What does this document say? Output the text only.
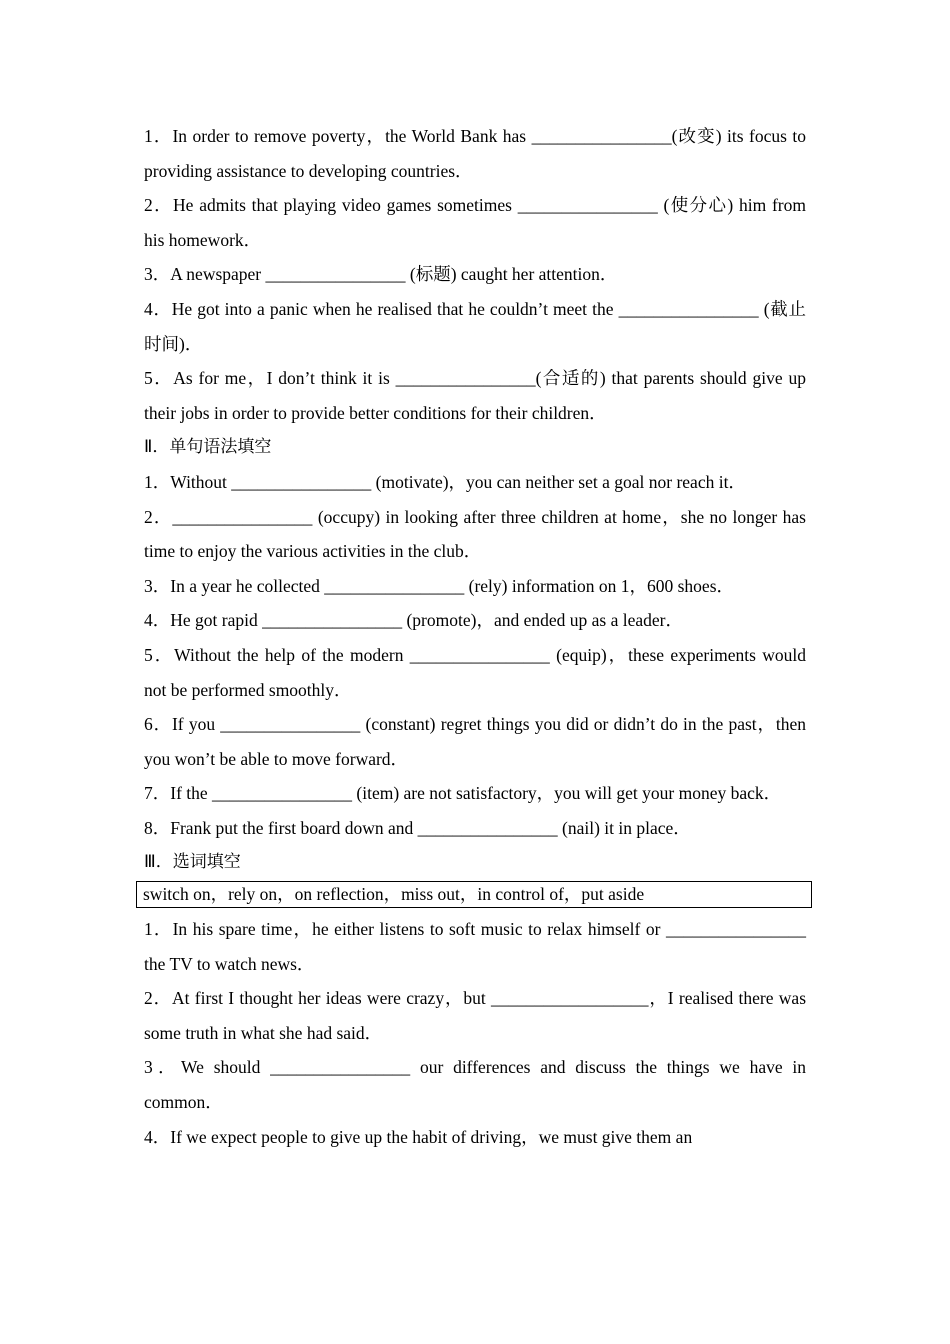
1．In order to remove poverty，the World Bank has ________________(改变) its focus to providing assistance to developing countries．

2．He admits that playing video games sometimes ________________ (使分心) him from his homework．

3．A newspaper ________________ (标题) caught her attention．

4．He got into a panic when he realised that he couldn’t meet the ________________ (截止时间)．

5．As for me，I don’t think it is ________________(合适的) that parents should give up their jobs in order to provide better conditions for their children．

Ⅱ．单句语法填空

1．Without ________________ (motivate)，you can neither set a goal nor reach it．

2．________________ (occupy) in looking after three children at home，she no longer has time to enjoy the various activities in the club．

3．In a year he collected ________________ (rely) information on 1，600 shoes．

4．He got rapid ________________ (promote)，and ended up as a leader．

5．Without the help of the modern ________________ (equip)，these experiments would not be performed smoothly．

6．If you ________________ (constant) regret things you did or didn’t do in the past，then you won’t be able to move forward．

7．If the ________________ (item) are not satisfactory，you will get your money back．

8．Frank put the first board down and ________________ (nail) it in place．

Ⅲ．选词填空

switch on，rely on，on reflection，miss out，in control of，put aside

1．In his spare time，he either listens to soft music to relax himself or ________________ the TV to watch news．

2．At first I thought her ideas were crazy，but __________________，I realised there was some truth in what she had said．

3．We should ________________ our differences and discuss the things we have in common．

4．If we expect people to give up the habit of driving，we must give them an
